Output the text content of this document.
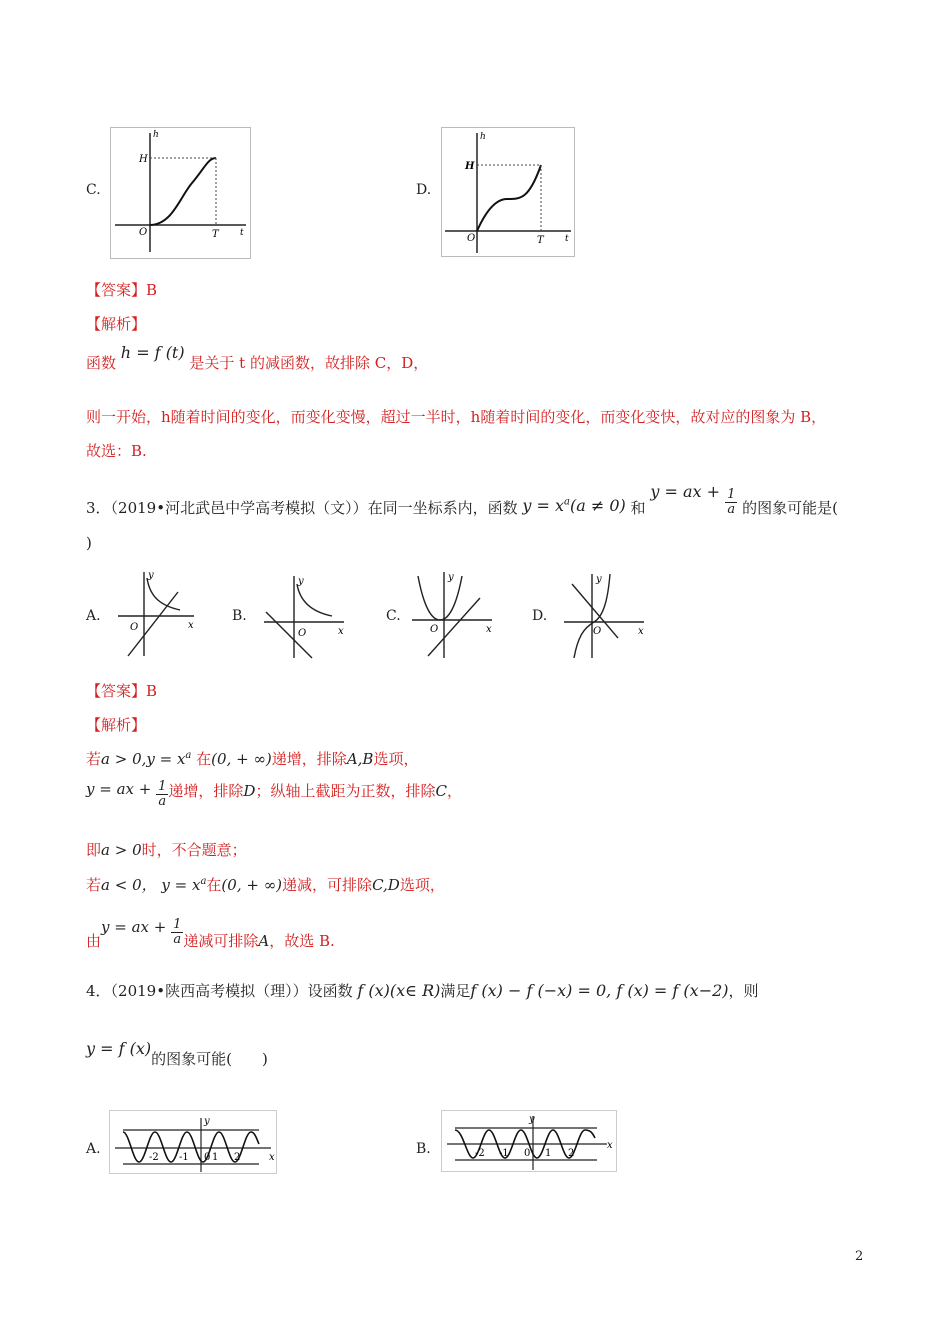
C.
h
H
O	T t
D.
h
H
O	T t
【答案】B
【解析】
函数 h = f (t) 是关于 t 的减函数，故排除 C，D，
则一开始，h随着时间的变化，而变化变慢，超过一半时，h随着时间的变化，而变化变快，故对应的图象为 B，
故选：B.
3．（2019•河北武邑中学高考模拟（文））在同一坐标系内，函数 $y = x^a(a \ne 0)$ 和 y = ax + $\frac{1}{a}$ 的图象可能是(
)
A.
y
x
O
B.
y
x
O
C.
y
x
O
D.
y
x
O
【答案】B
【解析】
若$a > 0,y = x^a$ 在(0, + ∞)递增，排除A,B选项，
y = ax + $\frac{1}{a}$ 递增，排除D；纵轴上截距为正数，排除C，
即a > 0时，不合题意；
若a < 0， $y = x^a$在(0, + ∞)递减，可排除C,D选项，
由y = ax + $\frac{1}{a}$ 递减可排除A，故选 B.
4．（2019•陕西高考模拟（理））设函数 f (x)(x∈ R)满足f (x) − f (−x) = 0, f (x) = f (x−2)，则
y = f (x)的图象可能(　　)
A.
y
x
-2 -1 0 1 2
B.
y
x
-2 -1 0 1 2
2
